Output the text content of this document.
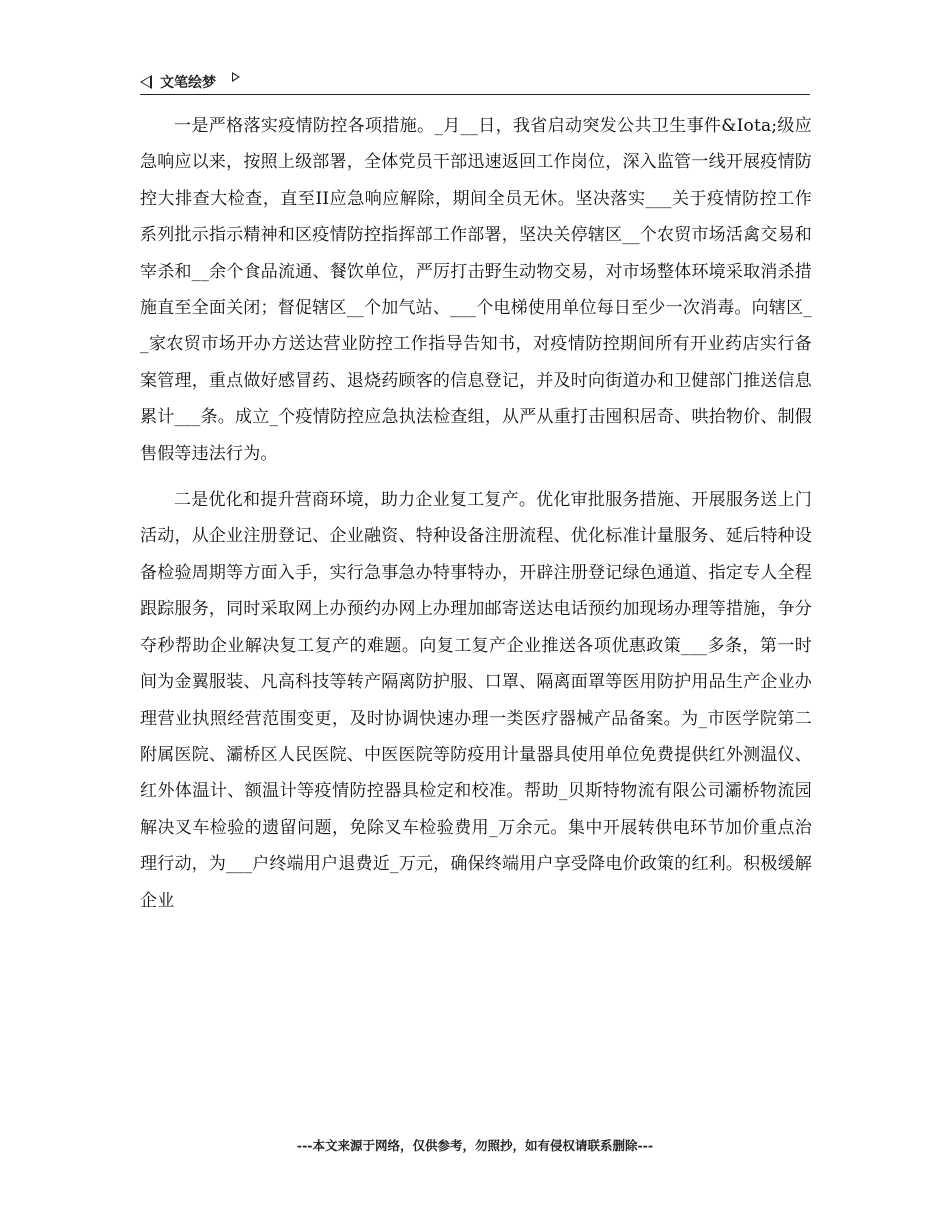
文笔绘梦

一是严格落实疫情防控各项措施。_月__日，我省启动突发公共卫生事件&Iota;级应急响应以来，按照上级部署，全体党员干部迅速返回工作岗位，深入监管一线开展疫情防控大排查大检查，直至II应急响应解除，期间全员无休。坚决落实___关于疫情防控工作系列批示指示精神和区疫情防控指挥部工作部署，坚决关停辖区__个农贸市场活禽交易和宰杀和__余个食品流通、餐饮单位，严厉打击野生动物交易，对市场整体环境采取消杀措施直至全面关闭；督促辖区__个加气站、___个电梯使用单位每日至少一次消毒。向辖区__家农贸市场开办方送达营业防控工作指导告知书，对疫情防控期间所有开业药店实行备案管理，重点做好感冒药、退烧药顾客的信息登记，并及时向街道办和卫健部门推送信息累计___条。成立_个疫情防控应急执法检查组，从严从重打击囤积居奇、哄抬物价、制假售假等违法行为。

二是优化和提升营商环境，助力企业复工复产。优化审批服务措施、开展服务送上门活动，从企业注册登记、企业融资、特种设备注册流程、优化标准计量服务、延后特种设备检验周期等方面入手，实行急事急办特事特办，开辟注册登记绿色通道、指定专人全程跟踪服务，同时采取网上办预约办网上办理加邮寄送达电话预约加现场办理等措施，争分夺秒帮助企业解决复工复产的难题。向复工复产企业推送各项优惠政策___多条，第一时间为金翼服装、凡高科技等转产隔离防护服、口罩、隔离面罩等医用防护用品生产企业办理营业执照经营范围变更，及时协调快速办理一类医疗器械产品备案。为_市医学院第二附属医院、灞桥区人民医院、中医医院等防疫用计量器具使用单位免费提供红外测温仪、红外体温计、额温计等疫情防控器具检定和校准。帮助_贝斯特物流有限公司灞桥物流园解决叉车检验的遗留问题，免除叉车检验费用_万余元。集中开展转供电环节加价重点治理行动，为___户终端用户退费近_万元，确保终端用户享受降电价政策的红利。积极缓解企业

---本文来源于网络，仅供参考，勿照抄，如有侵权请联系删除---
